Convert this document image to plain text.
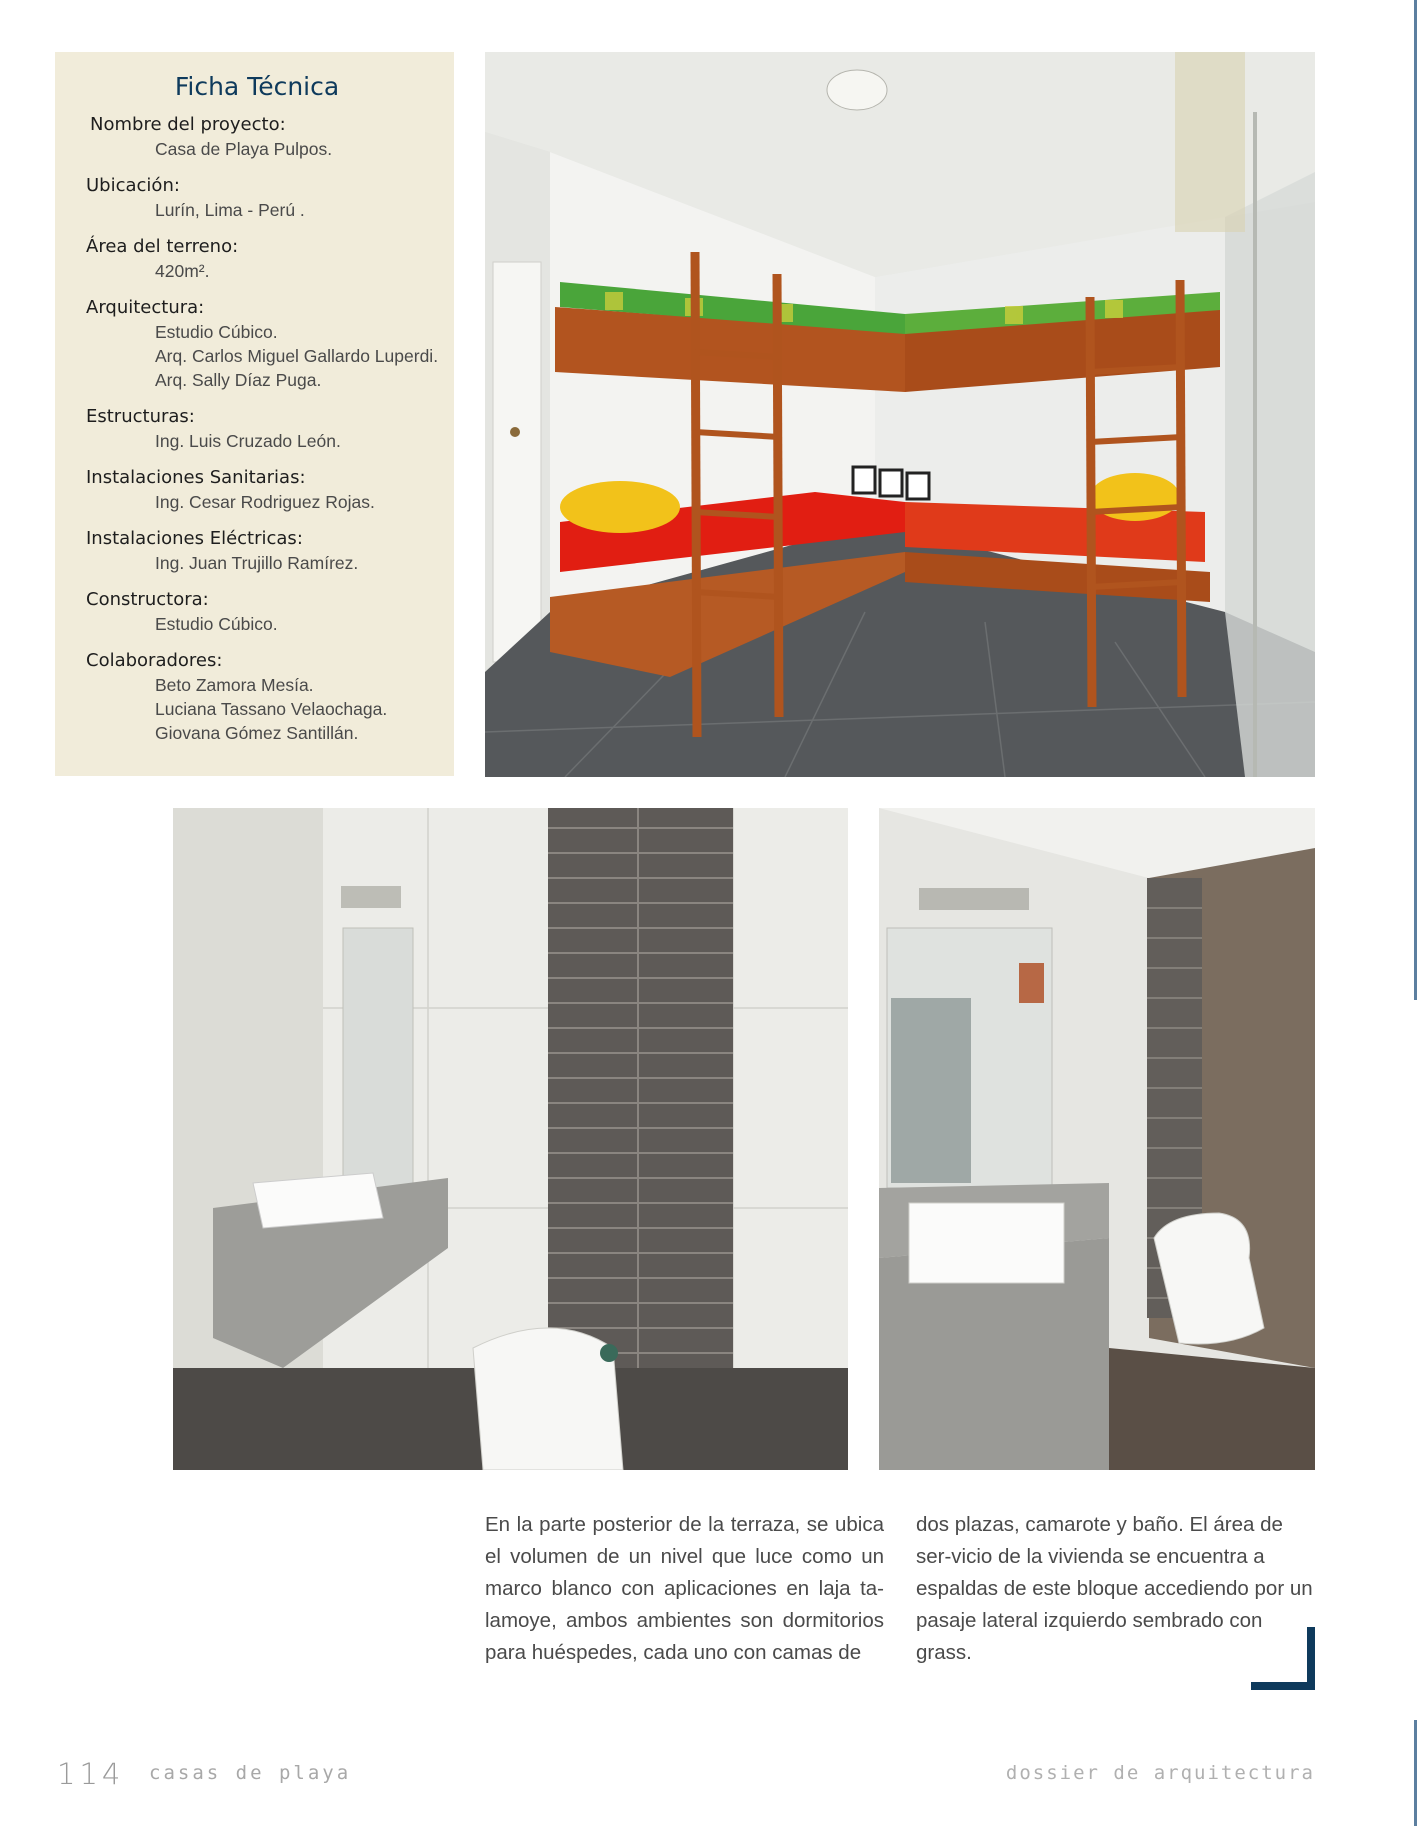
Ficha Técnica
Nombre del proyecto:
Casa de Playa Pulpos.
Ubicación:
Lurín, Lima - Perú .
Área del terreno:
420m².
Arquitectura:
Estudio Cúbico.
Arq. Carlos Miguel Gallardo Luperdi.
Arq. Sally Díaz Puga.
Estructuras:
Ing. Luis Cruzado León.
Instalaciones Sanitarias:
Ing. Cesar Rodriguez Rojas.
Instalaciones Eléctricas:
Ing. Juan Trujillo Ramírez.
Constructora:
Estudio Cúbico.
Colaboradores:
Beto Zamora Mesía.
Luciana Tassano Velaochaga.
Giovana Gómez Santillán.
En la parte posterior de la terraza, se ubica el volumen de un nivel que luce como un marco blanco con aplicaciones en laja ta-lamoye, ambos ambientes son dormitorios para huéspedes, cada uno con camas de
dos plazas, camarote y baño. El área de ser-vicio de la vivienda se encuentra a espaldas de este bloque accediendo por un pasaje lateral izquierdo sembrado con grass.
114 casas de playa	dossier de arquitectura
